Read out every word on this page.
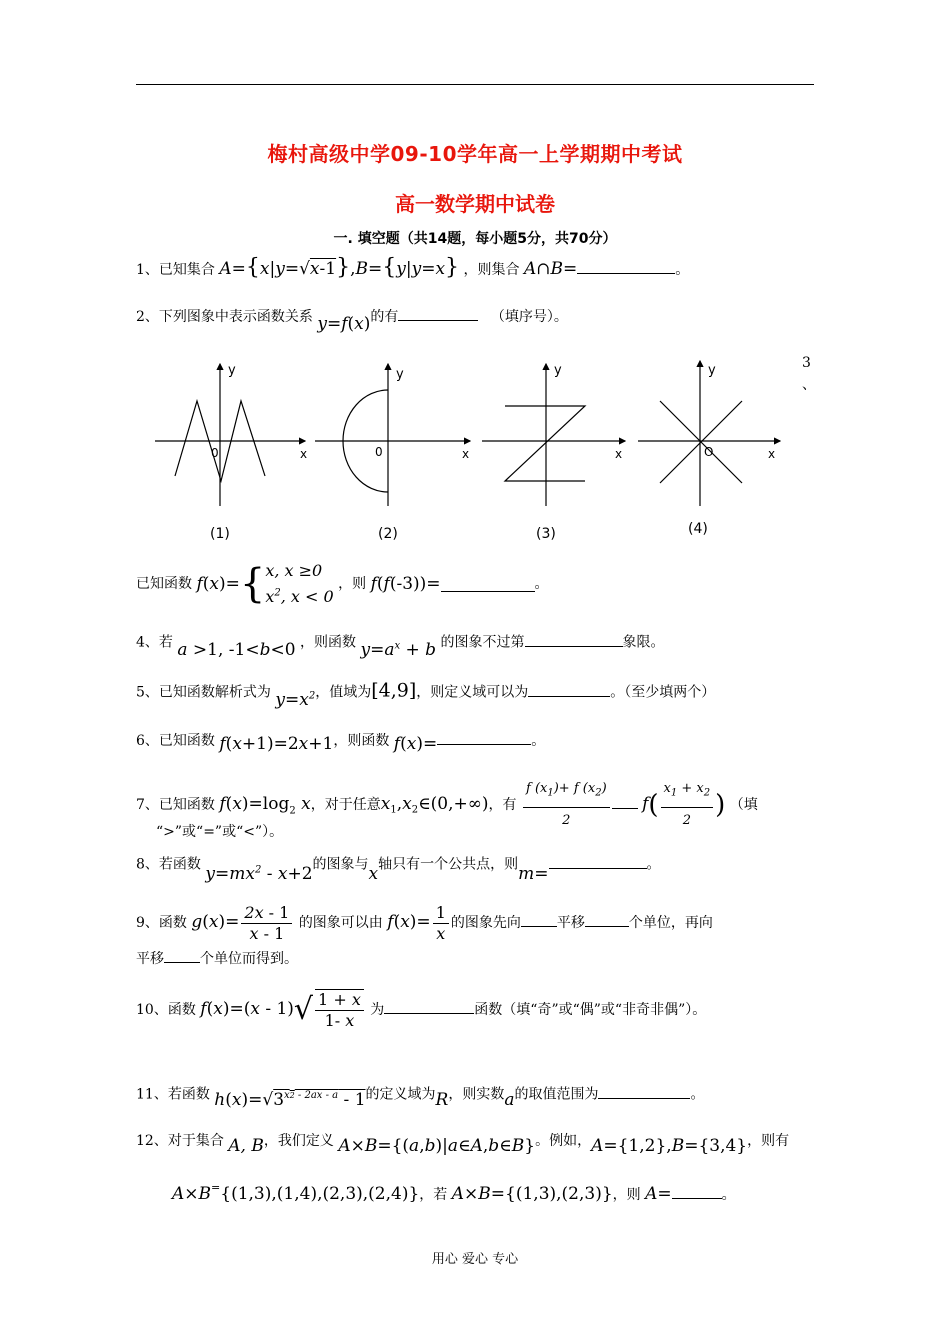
梅村高级中学09-10学年高一上学期期中考试
高一数学期中试卷
一. 填空题（共14题，每小题5分，共70分）
1、已知集合 A={x|y=√x-1},B={y|y=x} ，则集合 A∩B=	。
2、下列图象中表示函数关系 y=f(x)的有	（填序号）。
3
、
y
x
0
(1)
y
x
0
(2)
y
x
(3)
y
x
O
(4)
已知函数 f(x)={x, x ≥0
$x^2$, x < 0 ，则 f(f(-3))=	。
4、若 a >1, -1<b<0 ，则函数 $y=a^x + b$ 的图象不过第	象限。
5、已知函数解析式为 $y=x^2$，值域为[4,9]，则定义域可以为	。（至少填两个）
6、已知函数 f(x+1)=2x+1，则函数 f(x)=	。
7、已知函数 $f(x)=\log_2$ x，对于任意$x_1,x_2\in(0,+\infty)$，有 $\frac{f (x_1)+ f (x_2)}{2} f( \frac{x_1 + x_2}{2}$ ) （填
“>”或“=”或“<”）。
8、若函数 $y=mx^2 - x+2$的图象与x轴只有一个公共点，则m=	。
9、函数 $g(x)= \frac{2x - 1}{x - 1}$ 的图象可以由 $f(x)= \frac{1}{x}$ 的图象先向	平移	个单位，再向
平移	个单位而得到。
10、函数 $f(x)=(x - 1)√ \frac{1 + x}{1- x}$ 为	函数（填“奇”或“偶”或“非奇非偶”）。
11、若函数 $h(x)=√3^{x2 - 2ax - a} - 1$的定义域为R，则实数a的取值范围为	。
12、对于集合 A, B，我们定义 A×B={(a,b)|a∈A,b∈B}。例如，A={1,2},B={3,4}，则有
A×B={(1,3),(1,4),(2,3),(2,4)}，若 A×B={(1,3),(2,3)}，则 A=	。
用心 爱心 专心
